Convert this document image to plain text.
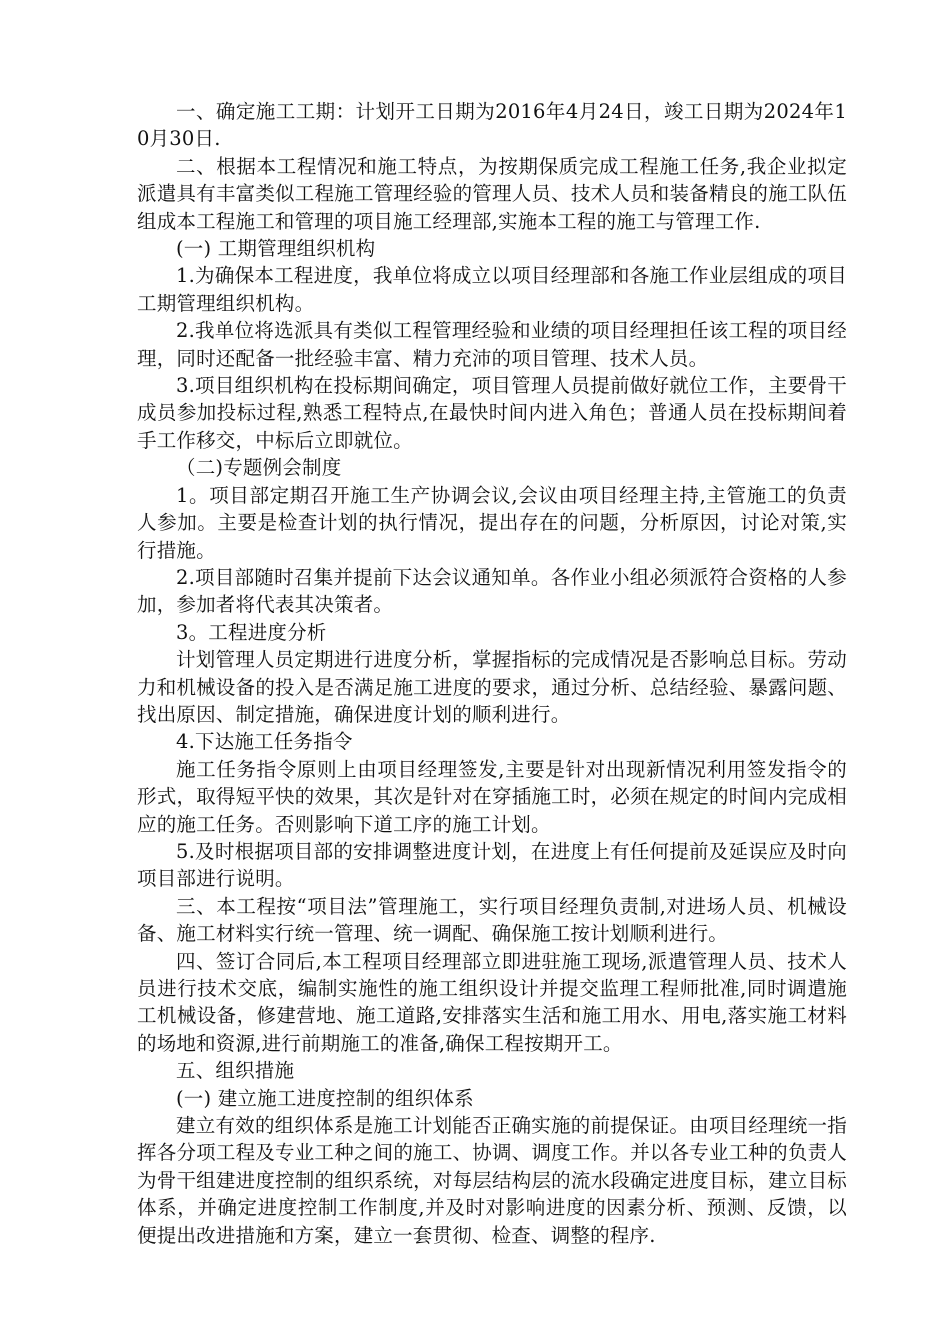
一、确定施工工期：计划开工日期为2016年4月24日，竣工日期为2024年10月30日.

二、根据本工程情况和施工特点，为按期保质完成工程施工任务,我企业拟定派遣具有丰富类似工程施工管理经验的管理人员、技术人员和装备精良的施工队伍组成本工程施工和管理的项目施工经理部,实施本工程的施工与管理工作.

(一) 工期管理组织机构

1.为确保本工程进度，我单位将成立以项目经理部和各施工作业层组成的项目工期管理组织机构。

2.我单位将选派具有类似工程管理经验和业绩的项目经理担任该工程的项目经理，同时还配备一批经验丰富、精力充沛的项目管理、技术人员。

3.项目组织机构在投标期间确定，项目管理人员提前做好就位工作，主要骨干成员参加投标过程,熟悉工程特点,在最快时间内进入角色；普通人员在投标期间着手工作移交，中标后立即就位。

（二)专题例会制度

1。项目部定期召开施工生产协调会议,会议由项目经理主持,主管施工的负责人参加。主要是检查计划的执行情况，提出存在的问题，分析原因，讨论对策,实行措施。

2.项目部随时召集并提前下达会议通知单。各作业小组必须派符合资格的人参加，参加者将代表其决策者。

3。工程进度分析

计划管理人员定期进行进度分析，掌握指标的完成情况是否影响总目标。劳动力和机械设备的投入是否满足施工进度的要求，通过分析、总结经验、暴露问题、找出原因、制定措施，确保进度计划的顺利进行。

4.下达施工任务指令

施工任务指令原则上由项目经理签发,主要是针对出现新情况利用签发指令的形式，取得短平快的效果，其次是针对在穿插施工时，必须在规定的时间内完成相应的施工任务。否则影响下道工序的施工计划。

5.及时根据项目部的安排调整进度计划，在进度上有任何提前及延误应及时向项目部进行说明。

三、本工程按“项目法”管理施工，实行项目经理负责制,对进场人员、机械设备、施工材料实行统一管理、统一调配、确保施工按计划顺利进行。

四、签订合同后,本工程项目经理部立即进驻施工现场,派遣管理人员、技术人员进行技术交底，编制实施性的施工组织设计并提交监理工程师批准,同时调遣施工机械设备，修建营地、施工道路,安排落实生活和施工用水、用电,落实施工材料的场地和资源,进行前期施工的准备,确保工程按期开工。

五、组织措施

(一) 建立施工进度控制的组织体系

建立有效的组织体系是施工计划能否正确实施的前提保证。由项目经理统一指挥各分项工程及专业工种之间的施工、协调、调度工作。并以各专业工种的负责人为骨干组建进度控制的组织系统，对每层结构层的流水段确定进度目标，建立目标体系，并确定进度控制工作制度,并及时对影响进度的因素分析、预测、反馈，以便提出改进措施和方案，建立一套贯彻、检查、调整的程序.
